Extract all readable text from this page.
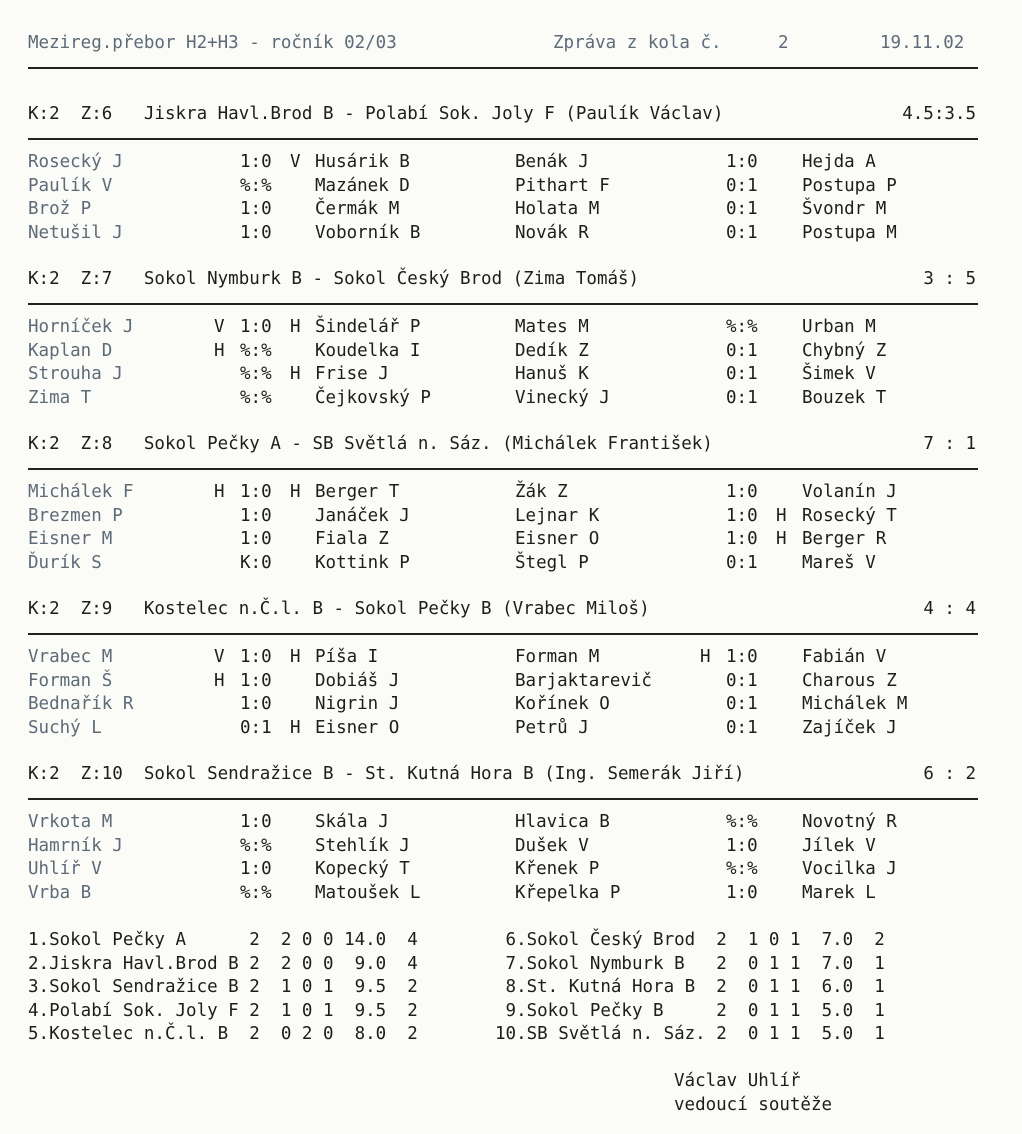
Mezireg.přebor H2+H3 - ročník 02/03	Zpráva z kola č.	2	19.11.02
K:2  Z:6   Jiskra Havl.Brod B - Polabí Sok. Joly F (Paulík Václav)	4.5:3.5
Rosecký J	1:0 V Husárik B	Benák J	1:0	Hejda A
Paulík V	%:% Mazánek D	Pithart F	0:1	Postupa P
Brož P	1:0 Čermák M	Holata M	0:1	Švondr M
Netušil J	1:0 Voborník B	Novák R	0:1	Postupa M
K:2  Z:7   Sokol Nymburk B - Sokol Český Brod (Zima Tomáš)	3 : 5
Horníček J	V 1:0 H Šindelář P	Mates M	%:%	Urban M
Kaplan D	H %:% Koudelka I	Dedík Z	0:1	Chybný Z
Strouha J	%:% H Frise J	Hanuš K	0:1	Šimek V
Zima T	%:% Čejkovský P	Vinecký J	0:1	Bouzek T
K:2  Z:8   Sokol Pečky A - SB Světlá n. Sáz. (Michálek František)	7 : 1
Michálek F	H 1:0 H Berger T	Žák Z	1:0	Volanín J
Brezmen P	1:0 Janáček J	Lejnar K	1:0 H Rosecký T
Eisner M	1:0 Fiala Z	Eisner O	1:0 H Berger R
Ďurík S	K:0 Kottink P	Štegl P	0:1	Mareš V
K:2  Z:9   Kostelec n.Č.l. B - Sokol Pečky B (Vrabec Miloš)	4 : 4
Vrabec M	V 1:0 H Píša I	Forman M	H 1:0	Fabián V
Forman Š	H 1:0 Dobiáš J	Barjaktarevič	0:1	Charous Z
Bednařík R	1:0 Nigrin J	Kořínek O	0:1	Michálek M
Suchý L	0:1 H Eisner O	Petrů J	0:1	Zajíček J
K:2  Z:10  Sokol Sendražice B - St. Kutná Hora B (Ing. Semerák Jiří)	6 : 2
Vrkota M	1:0 Skála J	Hlavica B	%:%	Novotný R
Hamrník J	%:% Stehlík J	Dušek V	1:0	Jílek V
Uhlíř V	1:0 Kopecký T	Křenek P	%:%	Vocilka J
Vrba B	%:% Matoušek L	Křepelka P	1:0	Marek L
1.Sokol Pečky A      2  2 0 0 14.0  4
2.Jiskra Havl.Brod B 2  2 0 0  9.0  4
3.Sokol Sendražice B 2  1 0 1  9.5  2
4.Polabí Sok. Joly F 2  1 0 1  9.5  2
5.Kostelec n.Č.l. B  2  0 2 0  8.0  2
6.Sokol Český Brod  2  1 0 1  7.0  2
7.Sokol Nymburk B   2  0 1 1  7.0  1
8.St. Kutná Hora B  2  0 1 1  6.0  1
9.Sokol Pečky B     2  0 1 1  5.0  1
10.SB Světlá n. Sáz. 2  0 1 1  5.0  1
Václav Uhlíř
vedoucí soutěže
